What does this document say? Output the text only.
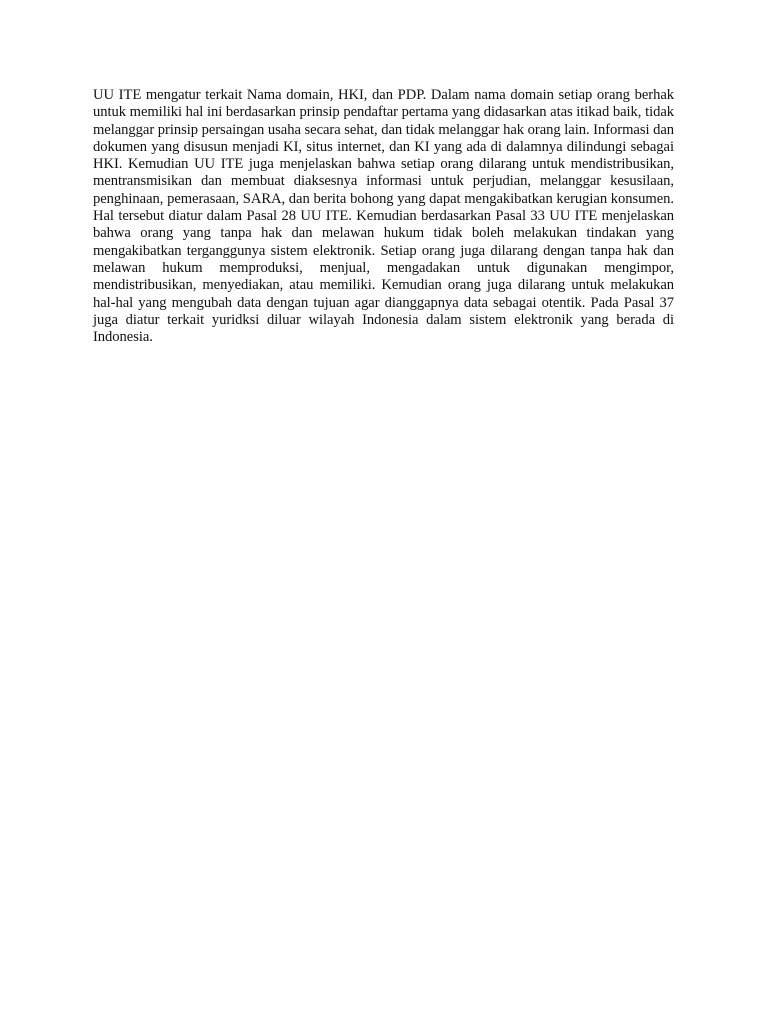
UU ITE mengatur terkait Nama domain, HKI, dan PDP. Dalam nama domain setiap orang berhak untuk memiliki hal ini berdasarkan prinsip pendaftar pertama yang didasarkan atas itikad baik, tidak melanggar prinsip persaingan usaha secara sehat, dan tidak melanggar hak orang lain. Informasi dan dokumen yang disusun menjadi KI, situs internet, dan KI yang ada di dalamnya dilindungi sebagai HKI. Kemudian UU ITE juga menjelaskan bahwa setiap orang dilarang untuk mendistribusikan, mentransmisikan dan membuat diaksesnya informasi untuk perjudian, melanggar kesusilaan, penghinaan, pemerasaan, SARA, dan berita bohong yang dapat mengakibatkan kerugian konsumen. Hal tersebut diatur dalam Pasal 28 UU ITE. Kemudian berdasarkan Pasal 33 UU ITE menjelaskan bahwa orang yang tanpa hak dan melawan hukum tidak boleh melakukan tindakan yang mengakibatkan terganggunya sistem elektronik. Setiap orang juga dilarang dengan tanpa hak dan melawan hukum memproduksi, menjual, mengadakan untuk digunakan mengimpor, mendistribusikan, menyediakan, atau memiliki. Kemudian orang juga dilarang untuk melakukan hal-hal yang mengubah data dengan tujuan agar dianggapnya data sebagai otentik. Pada Pasal 37 juga diatur terkait yuridksi diluar wilayah Indonesia dalam sistem elektronik yang berada di Indonesia.
